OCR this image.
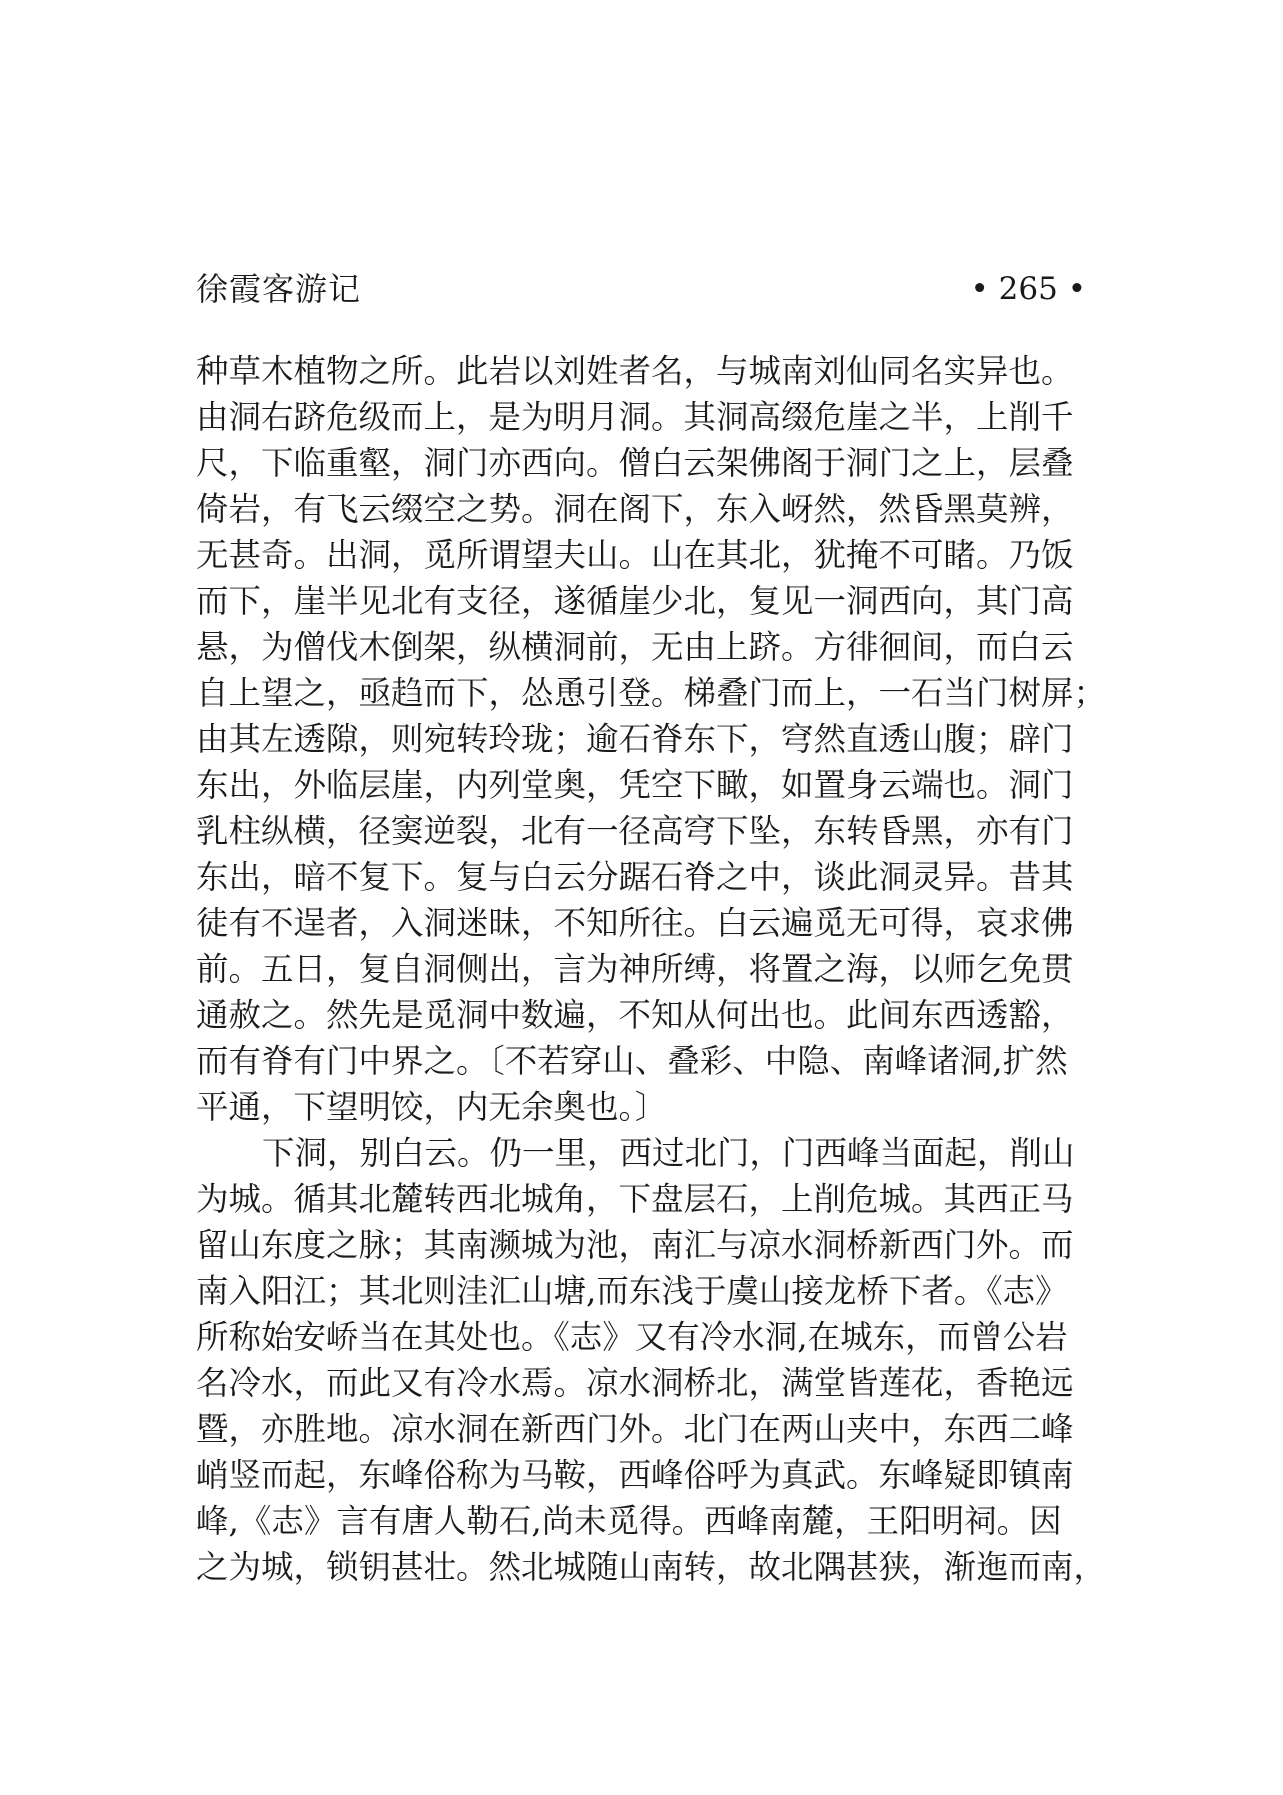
徐霞客游记	• 265 •
种草木植物之所。此岩以刘姓者名，与城南刘仙同名实异也。
由洞右跻危级而上，是为明月洞。其洞高缀危崖之半，上削千
尺，下临重壑，洞门亦西向。僧白云架佛阁于洞门之上，层叠
倚岩，有飞云缀空之势。洞在阁下，东入岈然，然昏黑莫辨，
无甚奇。出洞，觅所谓望夫山。山在其北，犹掩不可睹。乃饭
而下，崖半见北有支径，遂循崖少北，复见一洞西向，其门高
悬，为僧伐木倒架，纵横洞前，无由上跻。方徘徊间，而白云
自上望之，亟趋而下，怂恿引登。梯叠门而上，一石当门树屏；
由其左透隙，则宛转玲珑；逾石脊东下，穹然直透山腹；辟门
东出，外临层崖，内列堂奥，凭空下瞰，如置身云端也。洞门
乳柱纵横，径窦逆裂，北有一径高穹下坠，东转昏黑，亦有门
东出，暗不复下。复与白云分踞石脊之中，谈此洞灵异。昔其
徒有不逞者，入洞迷昧，不知所往。白云遍觅无可得，哀求佛
前。五日，复自洞侧出，言为神所缚，将置之海，以师乞免贯
通赦之。然先是觅洞中数遍，不知从何出也。此间东西透豁，
而有脊有门中界之。〔不若穿山、叠彩、中隐、南峰诸洞,扩然
平通，下望明饺，内无余奥也。〕
下洞，别白云。仍一里，西过北门，门西峰当面起，削山
为城。循其北麓转西北城角，下盘层石，上削危城。其西正马
留山东度之脉；其南濒城为池，南汇与凉水洞桥新西门外。而
南入阳江；其北则洼汇山塘,而东浅于虞山接龙桥下者。《志》
所称始安峤当在其处也。《志》又有冷水洞,在城东，而曾公岩
名冷水，而此又有冷水焉。凉水洞桥北，满堂皆莲花，香艳远
暨，亦胜地。凉水洞在新西门外。北门在两山夹中，东西二峰
峭竖而起，东峰俗称为马鞍，西峰俗呼为真武。东峰疑即镇南
峰,《志》言有唐人勒石,尚未觅得。西峰南麓，王阳明祠。因
之为城，锁钥甚壮。然北城随山南转，故北隅甚狭，渐迤而南，
